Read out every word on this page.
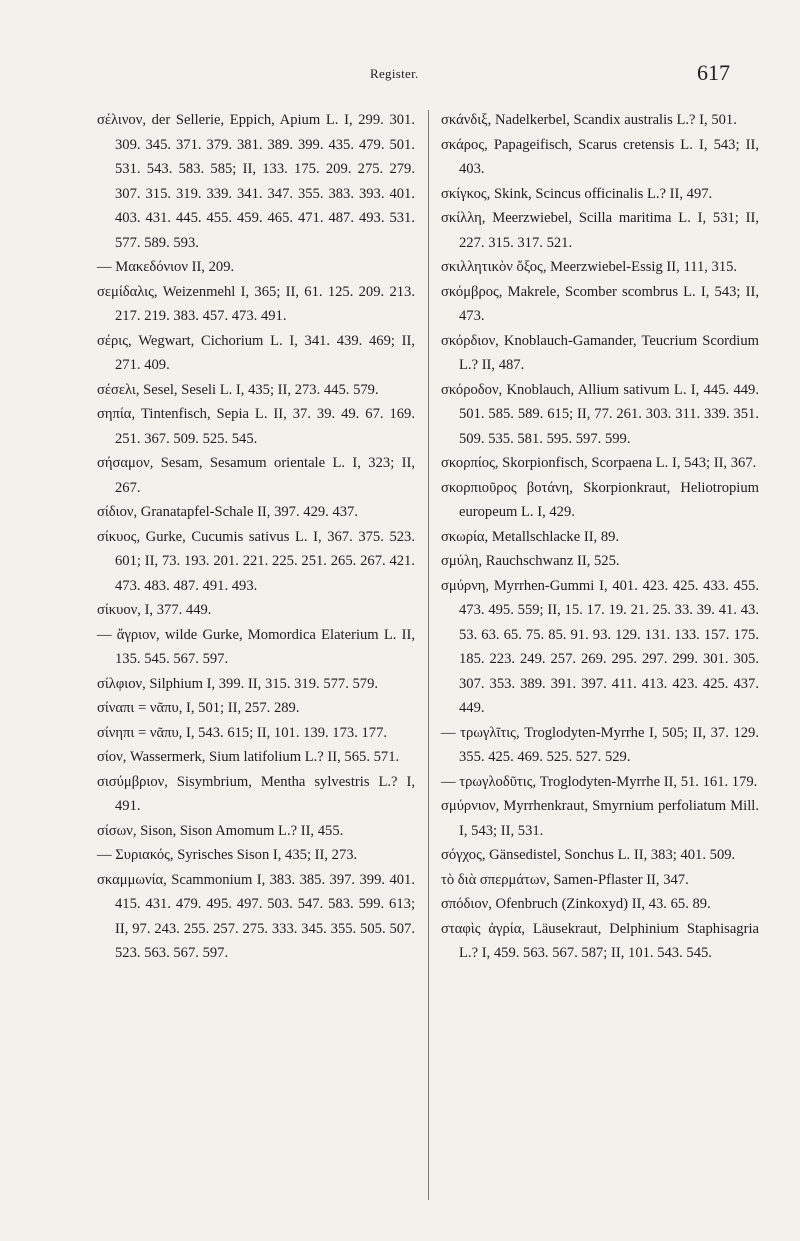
Register.	617

σέλινον, der Sellerie, Eppich, Apium L. I, 299. 301. 309. 345. 371. 379. 381. 389. 399. 435. 479. 501. 531. 543. 583. 585; II, 133. 175. 209. 275. 279. 307. 315. 319. 339. 341. 347. 355. 383. 393. 401. 403. 431. 445. 455. 459. 465. 471. 487. 493. 531. 577. 589. 593.

— Μακεδόνιον II, 209.

σεμίδαλις, Weizenmehl I, 365; II, 61. 125. 209. 213. 217. 219. 383. 457. 473. 491.

σέρις, Wegwart, Cichorium L. I, 341. 439. 469; II, 271. 409.

σέσελι, Sesel, Seseli L. I, 435; II, 273. 445. 579.

σηπία, Tintenfisch, Sepia L. II, 37. 39. 49. 67. 169. 251. 367. 509. 525. 545.

σήσαμον, Sesam, Sesamum orientale L. I, 323; II, 267.

σίδιον, Granatapfel-Schale II, 397. 429. 437.

σίκυος, Gurke, Cucumis sativus L. I, 367. 375. 523. 601; II, 73. 193. 201. 221. 225. 251. 265. 267. 421. 473. 483. 487. 491. 493.

σίκυον, I, 377. 449.

— ἄγριον, wilde Gurke, Momordica Elaterium L. II, 135. 545. 567. 597.

σίλφιον, Silphium I, 399. II, 315. 319. 577. 579.

σίναπι = νᾶπυ, I, 501; II, 257. 289.

σίνηπι = νᾶπυ, I, 543. 615; II, 101. 139. 173. 177.

σίον, Wassermerk, Sium latifolium L.? II, 565. 571.

σισύμβριον, Sisymbrium, Mentha sylvestris L.? I, 491.

σίσων, Sison, Sison Amomum L.? II, 455.

— Συριακός, Syrisches Sison I, 435; II, 273.

σκαμμωνία, Scammonium I, 383. 385. 397. 399. 401. 415. 431. 479. 495. 497. 503. 547. 583. 599. 613; II, 97. 243. 255. 257. 275. 333. 345. 355. 505. 507. 523. 563. 567. 597.

σκάνδιξ, Nadelkerbel, Scandix australis L.? I, 501.

σκάρος, Papageifisch, Scarus cretensis L. I, 543; II, 403.

σκίγκος, Skink, Scincus officinalis L.? II, 497.

σκίλλη, Meerzwiebel, Scilla maritima L. I, 531; II, 227. 315. 317. 521.

σκιλλητικὸν ὄξος, Meerzwiebel-Essig II, 111, 315.

σκόμβρος, Makrele, Scomber scombrus L. I, 543; II, 473.

σκόρδιον, Knoblauch-Gamander, Teucrium Scordium L.? II, 487.

σκόροδον, Knoblauch, Allium sativum L. I, 445. 449. 501. 585. 589. 615; II, 77. 261. 303. 311. 339. 351. 509. 535. 581. 595. 597. 599.

σκορπίος, Skorpionfisch, Scorpaena L. I, 543; II, 367.

σκορπιοῦρος βοτάνη, Skorpionkraut, Heliotropium europeum L. I, 429.

σκωρία, Metallschlacke II, 89.

σμύλη, Rauchschwanz II, 525.

σμύρνη, Myrrhen-Gummi I, 401. 423. 425. 433. 455. 473. 495. 559; II, 15. 17. 19. 21. 25. 33. 39. 41. 43. 53. 63. 65. 75. 85. 91. 93. 129. 131. 133. 157. 175. 185. 223. 249. 257. 269. 295. 297. 299. 301. 305. 307. 353. 389. 391. 397. 411. 413. 423. 425. 437. 449.

— τρωγλῖτις, Troglodyten-Myrrhe I, 505; II, 37. 129. 355. 425. 469. 525. 527. 529.

— τρωγλοδῦτις, Troglodyten-Myrrhe II, 51. 161. 179.

σμύρνιον, Myrrhenkraut, Smyrnium perfoliatum Mill. I, 543; II, 531.

σόγχος, Gänsedistel, Sonchus L. II, 383; 401. 509.

τὸ διὰ σπερμάτων, Samen-Pflaster II, 347.

σπόδιον, Ofenbruch (Zinkoxyd) II, 43. 65. 89.

σταφὶς ἀγρία, Läusekraut, Delphinium Staphisagria L.? I, 459. 563. 567. 587; II, 101. 543. 545.
